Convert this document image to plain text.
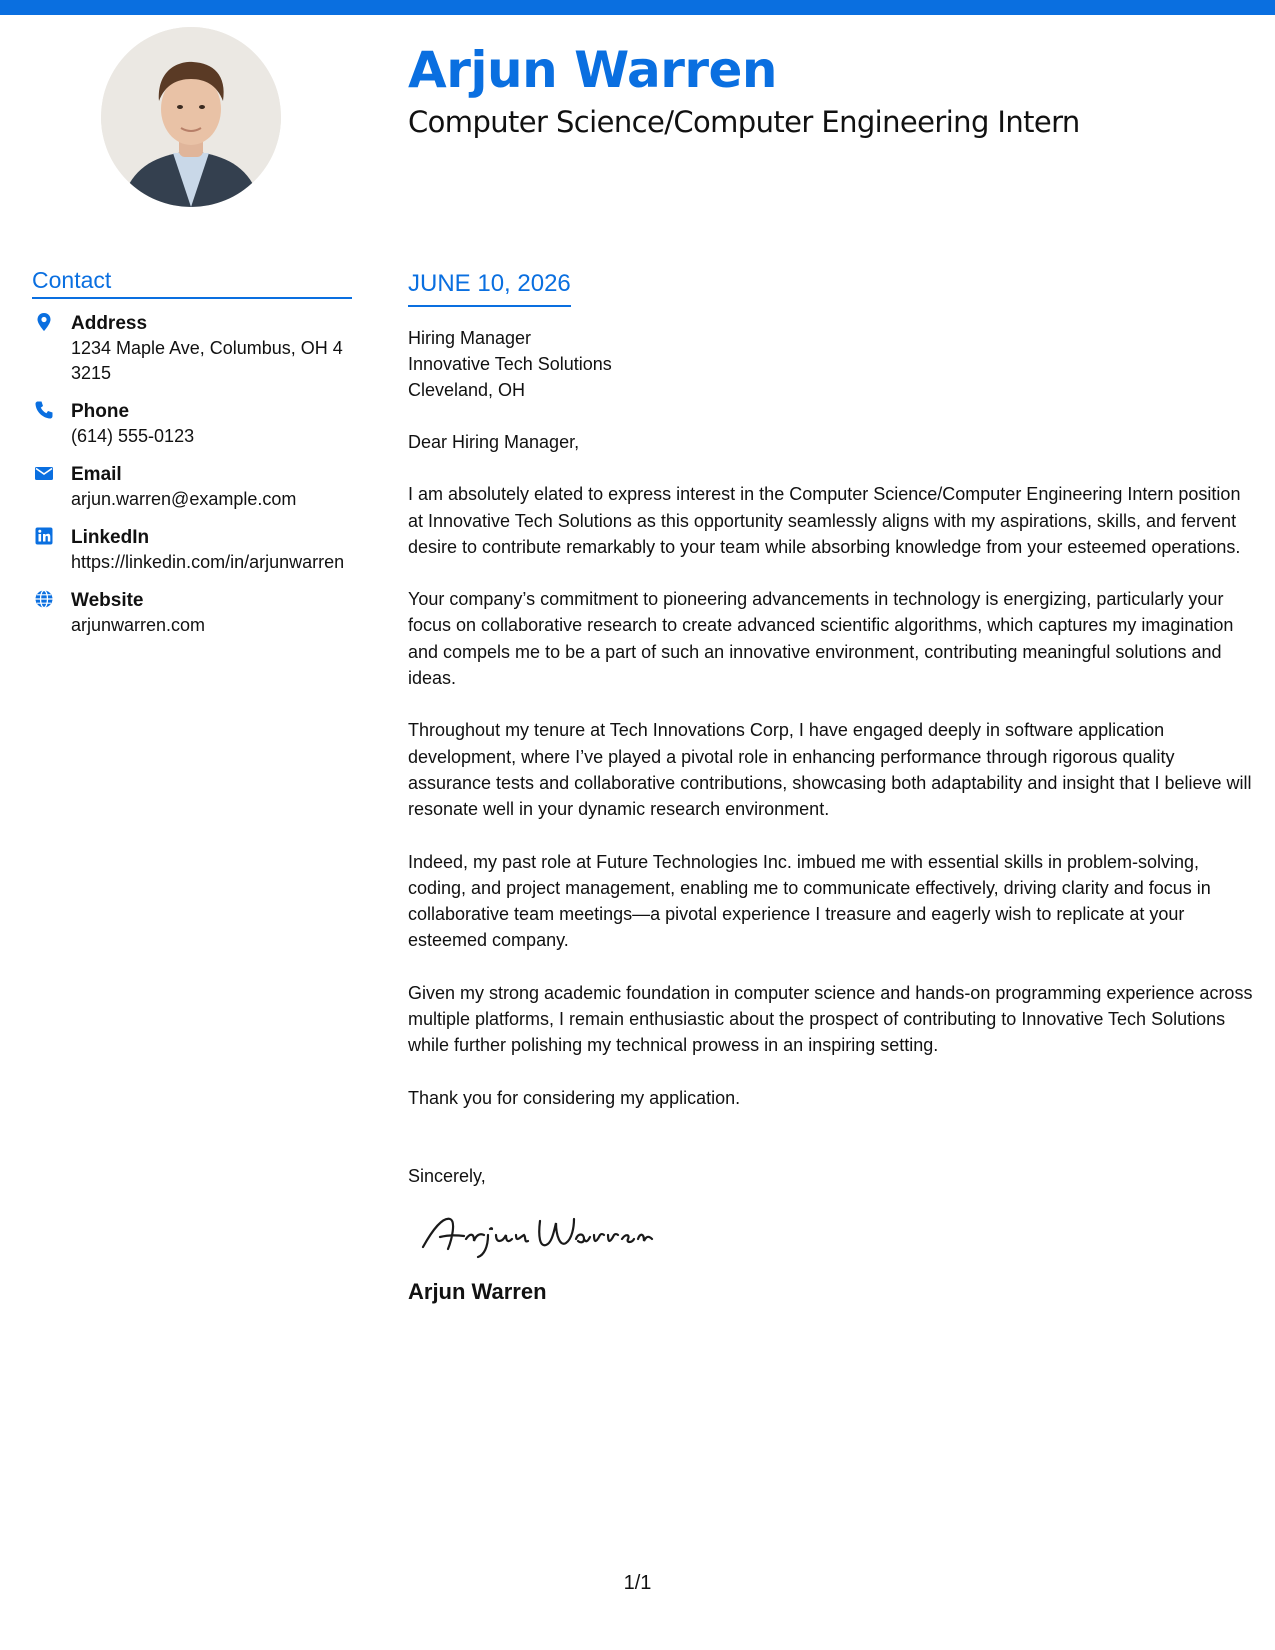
Arjun Warren
Computer Science/Computer Engineering Intern
Contact
Address
1234 Maple Ave, Columbus, OH 43215
Phone
(614) 555-0123
Email
arjun.warren@example.com
LinkedIn
https://linkedin.com/in/arjunwarren
Website
arjunwarren.com
JUNE 10, 2026
Hiring Manager
Innovative Tech Solutions
Cleveland, OH
Dear Hiring Manager,

I am absolutely elated to express interest in the Computer Science/Computer Engineering Intern position at Innovative Tech Solutions as this opportunity seamlessly aligns with my aspirations, skills, and fervent desire to contribute remarkably to your team while absorbing knowledge from your esteemed operations.

Your company’s commitment to pioneering advancements in technology is energizing, particularly your focus on collaborative research to create advanced scientific algorithms, which captures my imagination and compels me to be a part of such an innovative environment, contributing meaningful solutions and ideas.

Throughout my tenure at Tech Innovations Corp, I have engaged deeply in software application development, where I’ve played a pivotal role in enhancing performance through rigorous quality assurance tests and collaborative contributions, showcasing both adaptability and insight that I believe will resonate well in your dynamic research environment.

Indeed, my past role at Future Technologies Inc. imbued me with essential skills in problem-solving, coding, and project management, enabling me to communicate effectively, driving clarity and focus in collaborative team meetings—a pivotal experience I treasure and eagerly wish to replicate at your esteemed company.

Given my strong academic foundation in computer science and hands-on programming experience across multiple platforms, I remain enthusiastic about the prospect of contributing to Innovative Tech Solutions while further polishing my technical prowess in an inspiring setting.

Thank you for considering my application.

Sincerely,
Arjun Warren
1/1
